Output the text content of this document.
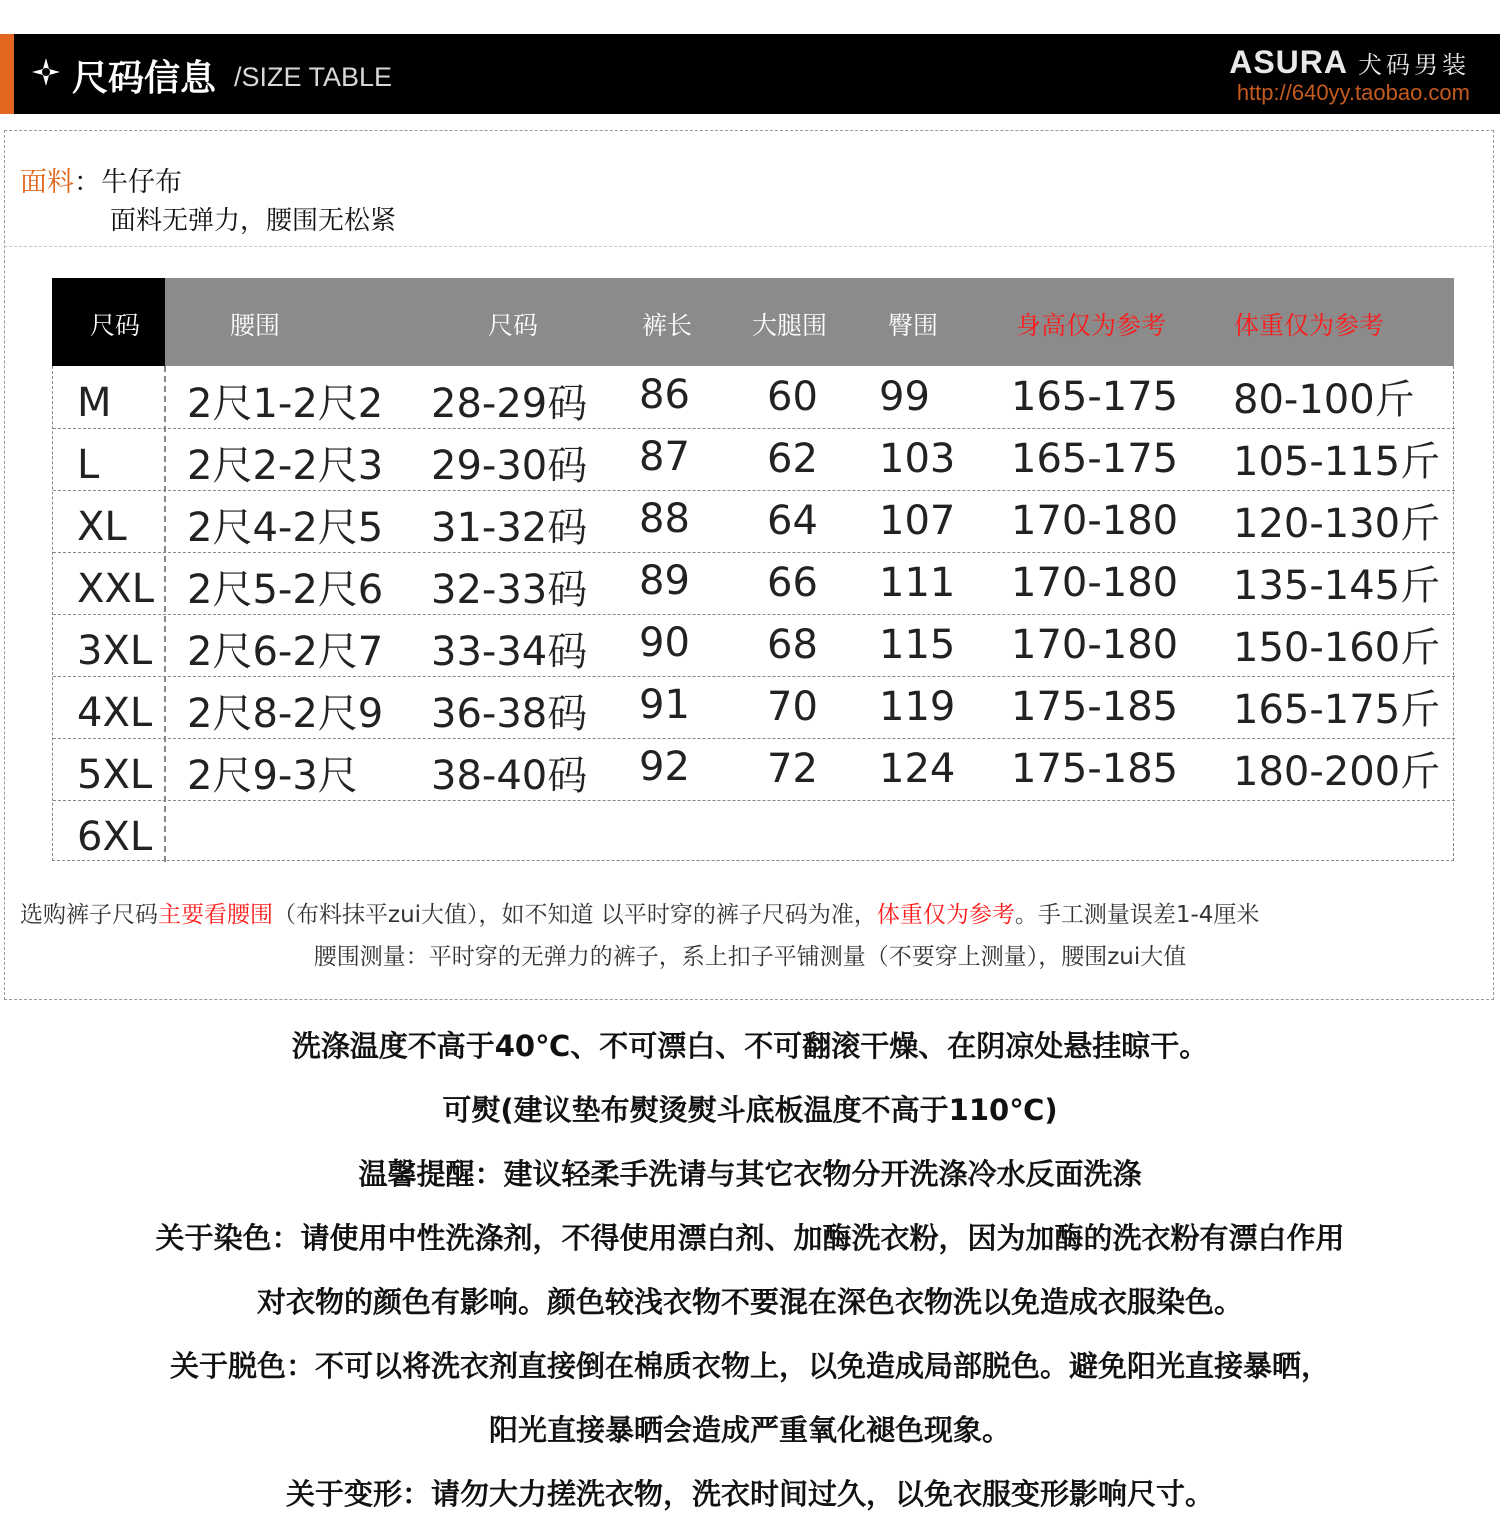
尺码信息 /SIZE TABLE	ASURA 犬码男装
http://640yy.taobao.com
面料：牛仔布
面料无弹力，腰围无松紧
尺码	腰围	尺码	裤长 大腿围 臀围	身高仅为参考	体重仅为参考
M 2尺1-2尺2 28-29码 86 60 99 165-175 80-100斤
L 2尺2-2尺3 29-30码 87 62 103 165-175 105-115斤
XL 2尺4-2尺5 31-32码 88 64 107 170-180 120-130斤
XXL 2尺5-2尺6 32-33码 89 66 111 170-180 135-145斤
3XL 2尺6-2尺7 33-34码 90 68 115 170-180 150-160斤
4XL 2尺8-2尺9 36-38码 91 70 119 175-185 165-175斤
5XL 2尺9-3尺 38-40码 92 72 124 175-185 180-200斤
6XL
选购裤子尺码主要看腰围（布料抹平zui大值），如不知道 以平时穿的裤子尺码为准，体重仅为参考。手工测量误差1-4厘米
腰围测量：平时穿的无弹力的裤子，系上扣子平铺测量（不要穿上测量），腰围zui大值
洗涤温度不高于40℃、不可漂白、不可翻滚干燥、在阴凉处悬挂晾干。
可熨(建议垫布熨烫熨斗底板温度不高于110℃)
温馨提醒：建议轻柔手洗请与其它衣物分开洗涤冷水反面洗涤
关于染色：请使用中性洗涤剂，不得使用漂白剂、加酶洗衣粉，因为加酶的洗衣粉有漂白作用
对衣物的颜色有影响。颜色较浅衣物不要混在深色衣物洗以免造成衣服染色。
关于脱色：不可以将洗衣剂直接倒在棉质衣物上，以免造成局部脱色。避免阳光直接暴晒，
阳光直接暴晒会造成严重氧化褪色现象。
关于变形：请勿大力搓洗衣物，洗衣时间过久，以免衣服变形影响尺寸。
